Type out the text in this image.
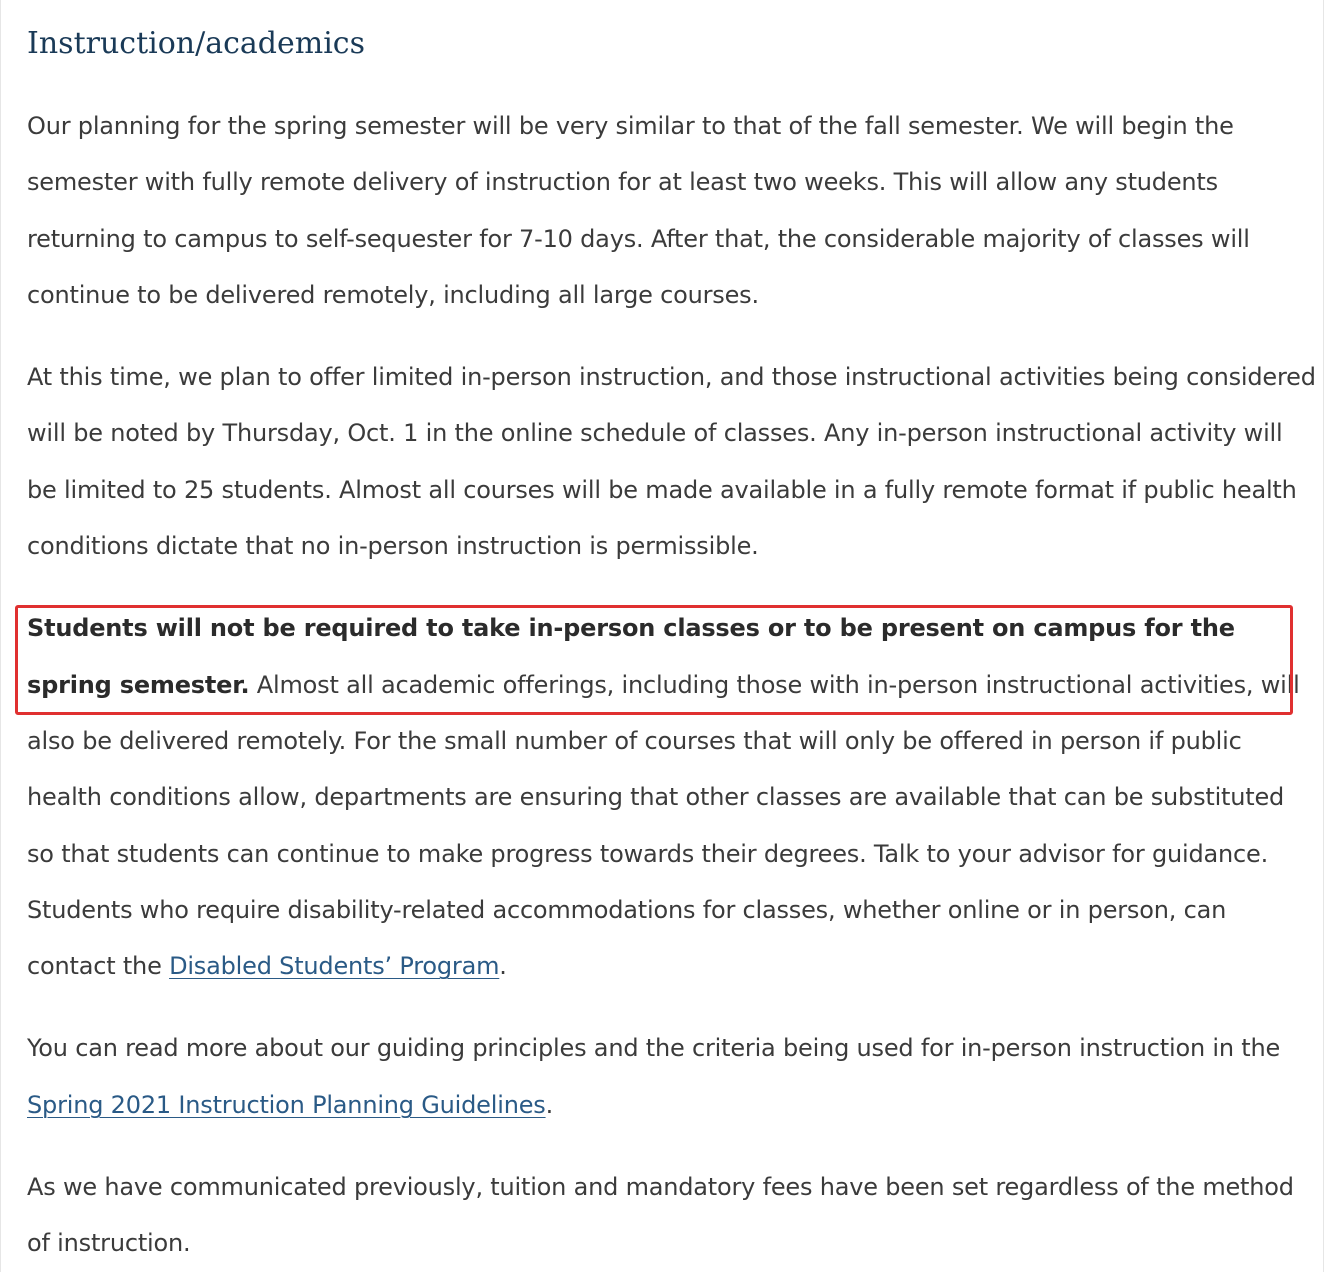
Instruction/academics

Our planning for the spring semester will be very similar to that of the fall semester. We will begin the semester with fully remote delivery of instruction for at least two weeks. This will allow any students returning to campus to self-sequester for 7-10 days. After that, the considerable majority of classes will continue to be delivered remotely, including all large courses.

At this time, we plan to offer limited in-person instruction, and those instructional activities being considered will be noted by Thursday, Oct. 1 in the online schedule of classes. Any in-person instructional activity will be limited to 25 students. Almost all courses will be made available in a fully remote format if public health conditions dictate that no in-person instruction is permissible.

Students will not be required to take in-person classes or to be present on campus for the spring semester. Almost all academic offerings, including those with in-person instructional activities, will also be delivered remotely. For the small number of courses that will only be offered in person if public health conditions allow, departments are ensuring that other classes are available that can be substituted so that students can continue to make progress towards their degrees. Talk to your advisor for guidance. Students who require disability-related accommodations for classes, whether online or in person, can contact the Disabled Students’ Program.

You can read more about our guiding principles and the criteria being used for in-person instruction in the Spring 2021 Instruction Planning Guidelines.

As we have communicated previously, tuition and mandatory fees have been set regardless of the method of instruction.
